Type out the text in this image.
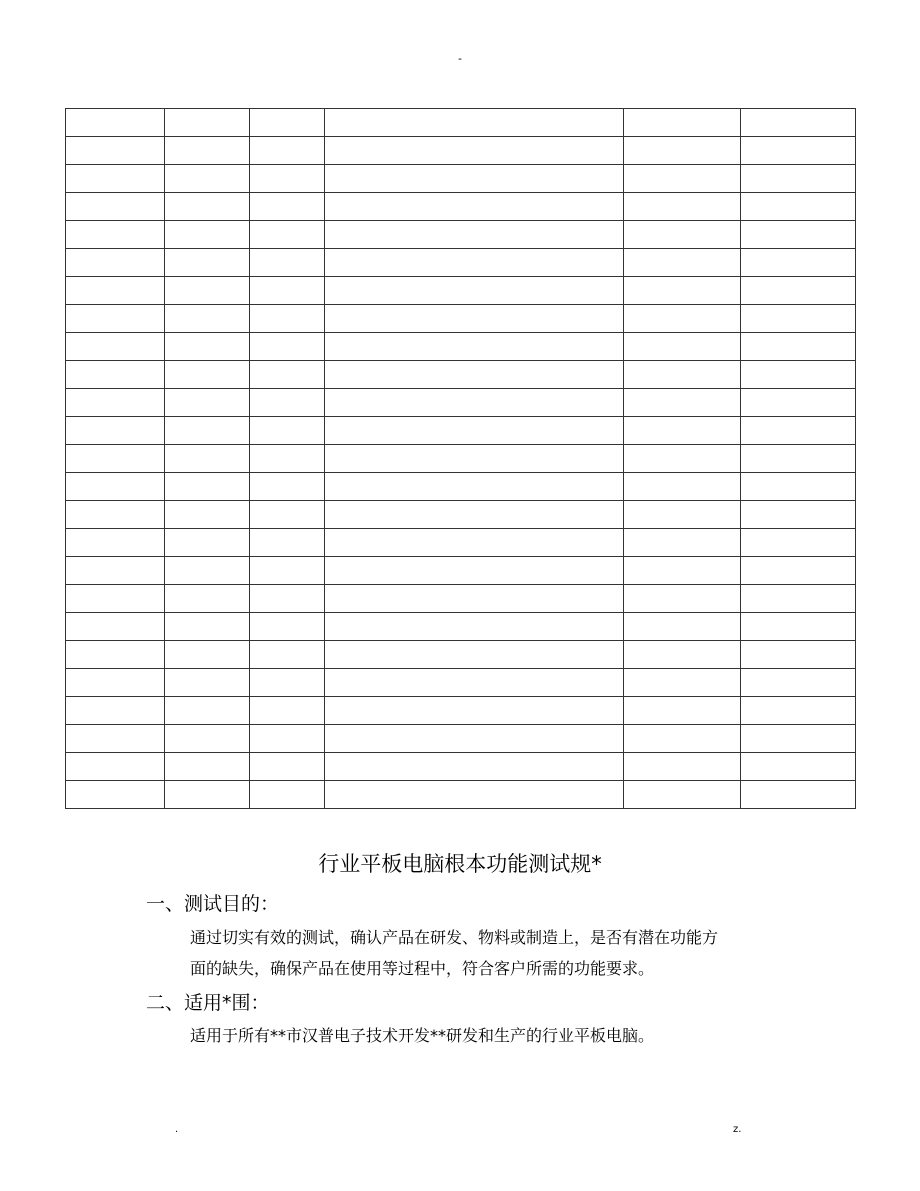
-

行业平板电脑根本功能测试规*
一、测试目的：
通过切实有效的测试，确认产品在研发、物料或制造上，是否有潜在功能方
面的缺失，确保产品在使用等过程中，符合客户所需的功能要求。
二、适用*围：
适用于所有**市汉普电子技术开发**研发和生产的行业平板电脑。
.	z.
